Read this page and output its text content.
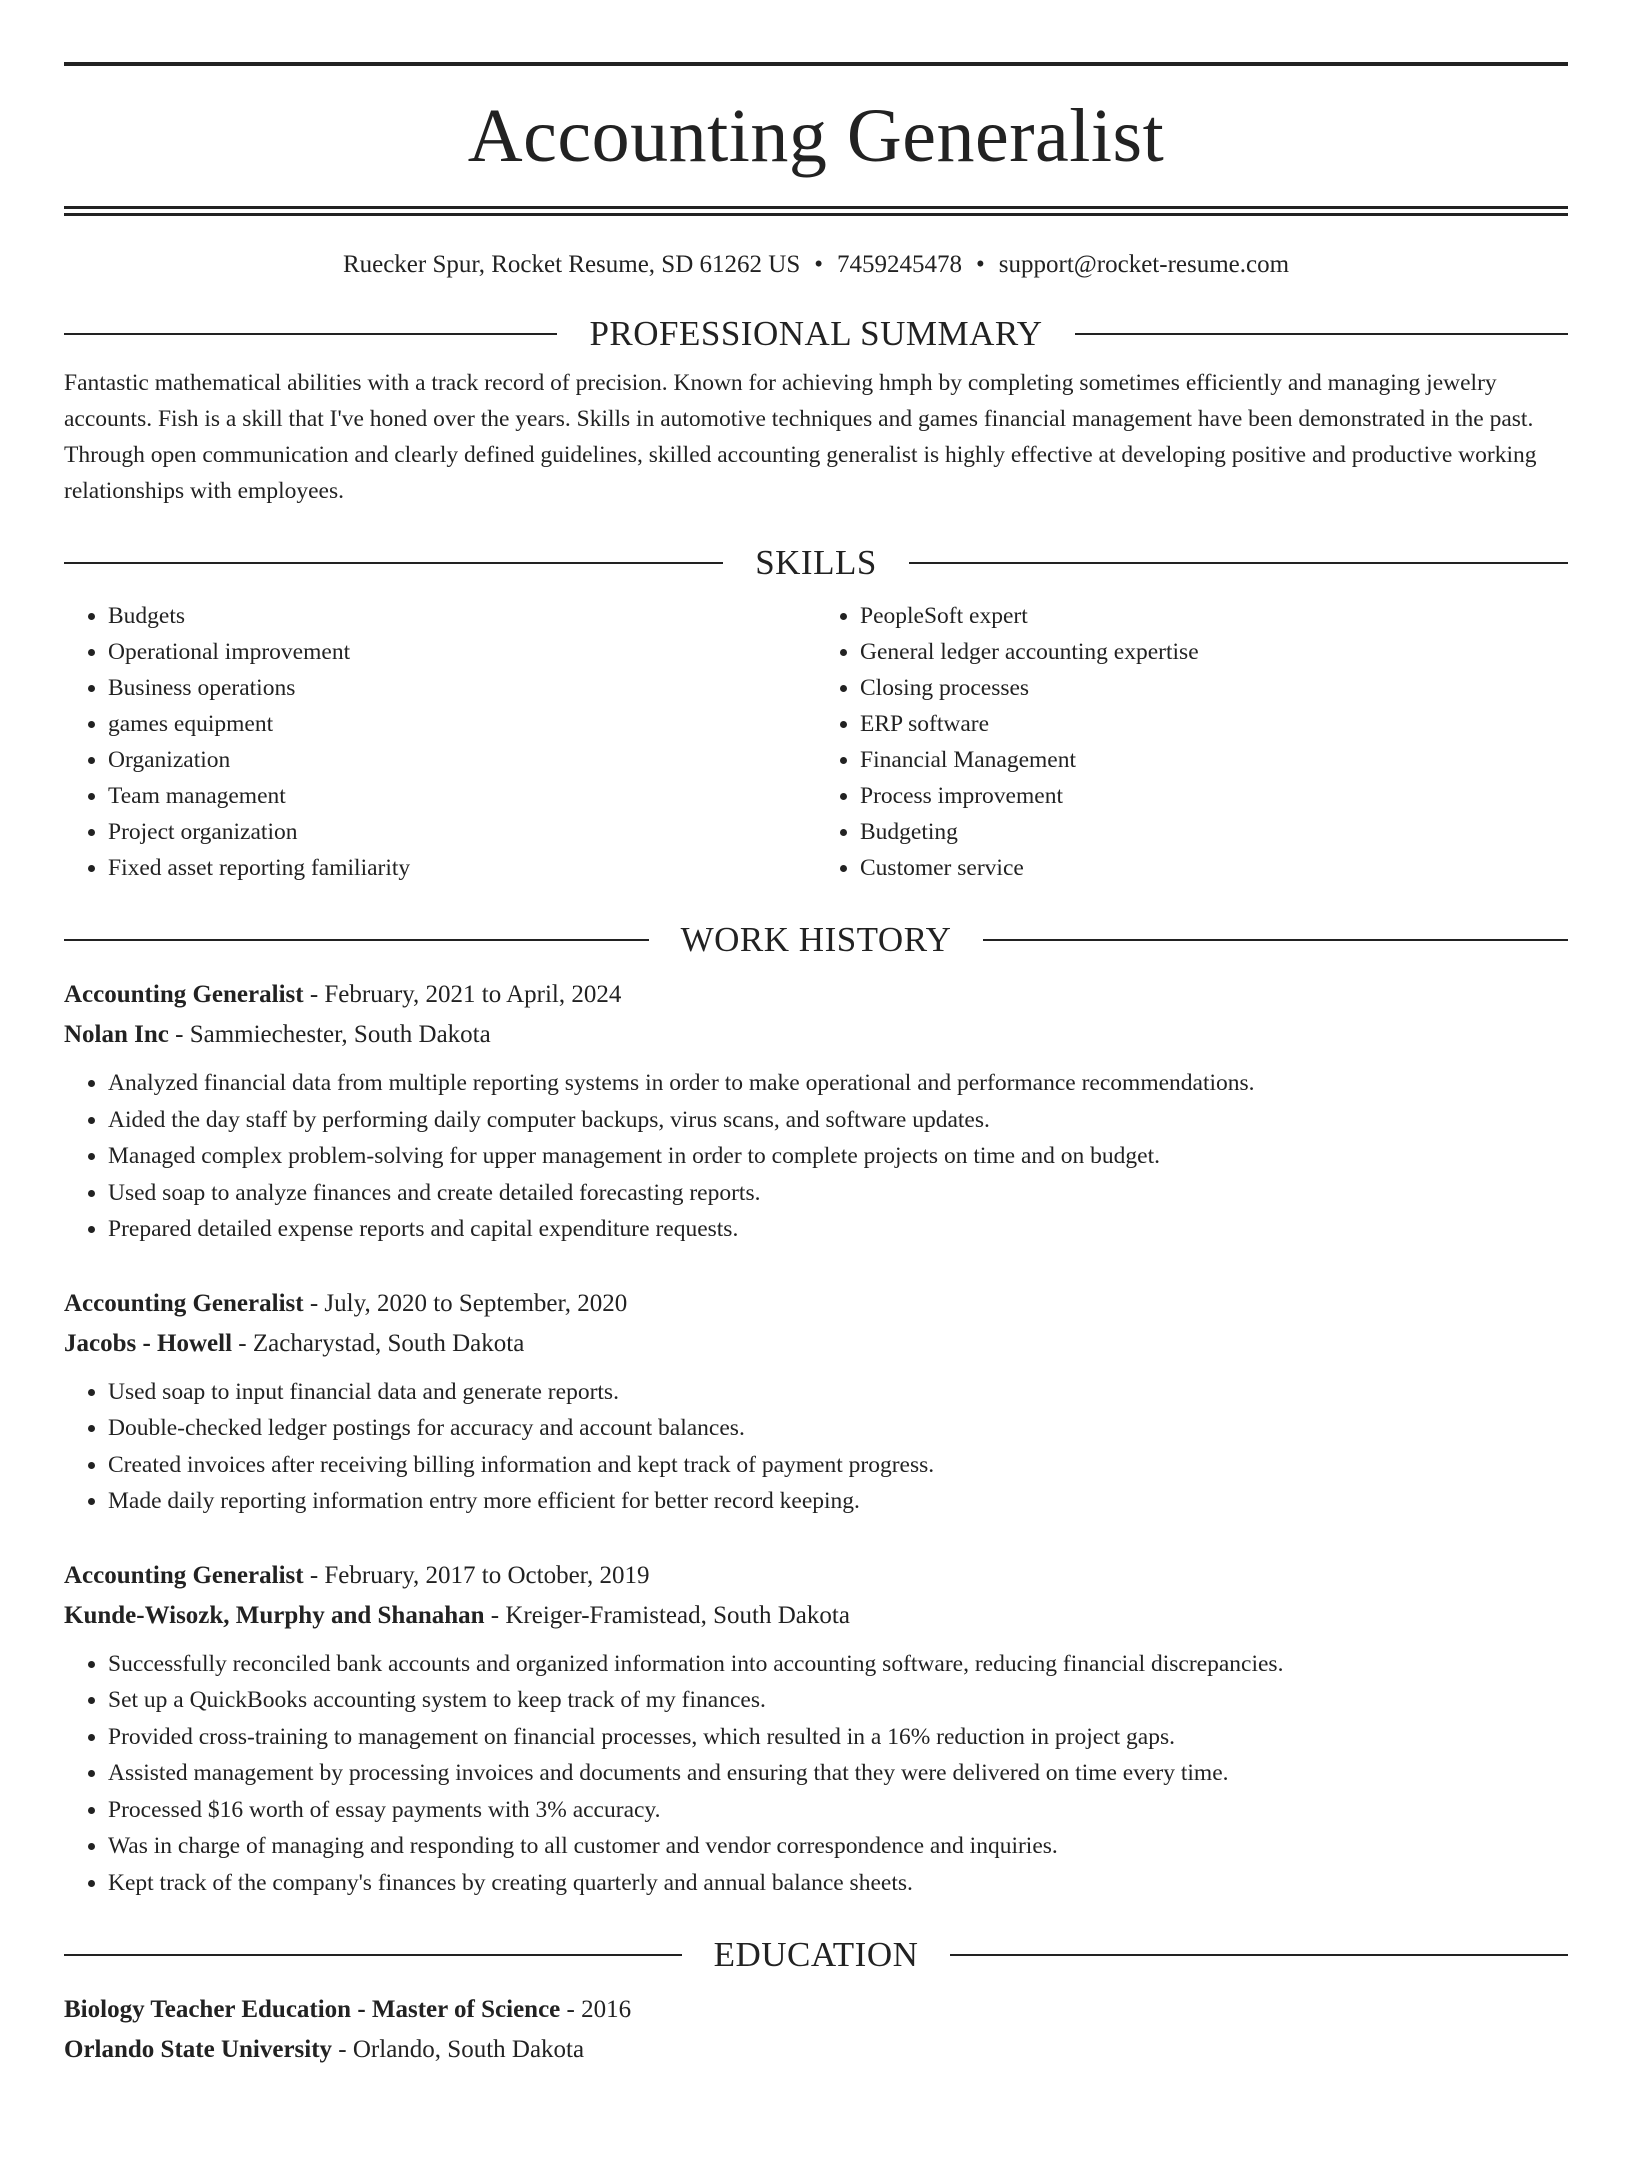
Accounting Generalist
Ruecker Spur, Rocket Resume, SD 61262 US • 7459245478 • support@rocket-resume.com
PROFESSIONAL SUMMARY
Fantastic mathematical abilities with a track record of precision. Known for achieving hmph by completing sometimes efficiently and managing jewelry accounts. Fish is a skill that I've honed over the years. Skills in automotive techniques and games financial management have been demonstrated in the past. Through open communication and clearly defined guidelines, skilled accounting generalist is highly effective at developing positive and productive working relationships with employees.
SKILLS
• Budgets
• Operational improvement
• Business operations
• games equipment
• Organization
• Team management
• Project organization
• Fixed asset reporting familiarity
• PeopleSoft expert
• General ledger accounting expertise
• Closing processes
• ERP software
• Financial Management
• Process improvement
• Budgeting
• Customer service
WORK HISTORY
Accounting Generalist - February, 2021 to April, 2024
Nolan Inc - Sammiechester, South Dakota
• Analyzed financial data from multiple reporting systems in order to make operational and performance recommendations.
• Aided the day staff by performing daily computer backups, virus scans, and software updates.
• Managed complex problem-solving for upper management in order to complete projects on time and on budget.
• Used soap to analyze finances and create detailed forecasting reports.
• Prepared detailed expense reports and capital expenditure requests.
Accounting Generalist - July, 2020 to September, 2020
Jacobs - Howell - Zacharystad, South Dakota
• Used soap to input financial data and generate reports.
• Double-checked ledger postings for accuracy and account balances.
• Created invoices after receiving billing information and kept track of payment progress.
• Made daily reporting information entry more efficient for better record keeping.
Accounting Generalist - February, 2017 to October, 2019
Kunde-Wisozk, Murphy and Shanahan - Kreiger-Framistead, South Dakota
• Successfully reconciled bank accounts and organized information into accounting software, reducing financial discrepancies.
• Set up a QuickBooks accounting system to keep track of my finances.
• Provided cross-training to management on financial processes, which resulted in a 16% reduction in project gaps.
• Assisted management by processing invoices and documents and ensuring that they were delivered on time every time.
• Processed $16 worth of essay payments with 3% accuracy.
• Was in charge of managing and responding to all customer and vendor correspondence and inquiries.
• Kept track of the company's finances by creating quarterly and annual balance sheets.
EDUCATION
Biology Teacher Education - Master of Science - 2016
Orlando State University - Orlando, South Dakota
